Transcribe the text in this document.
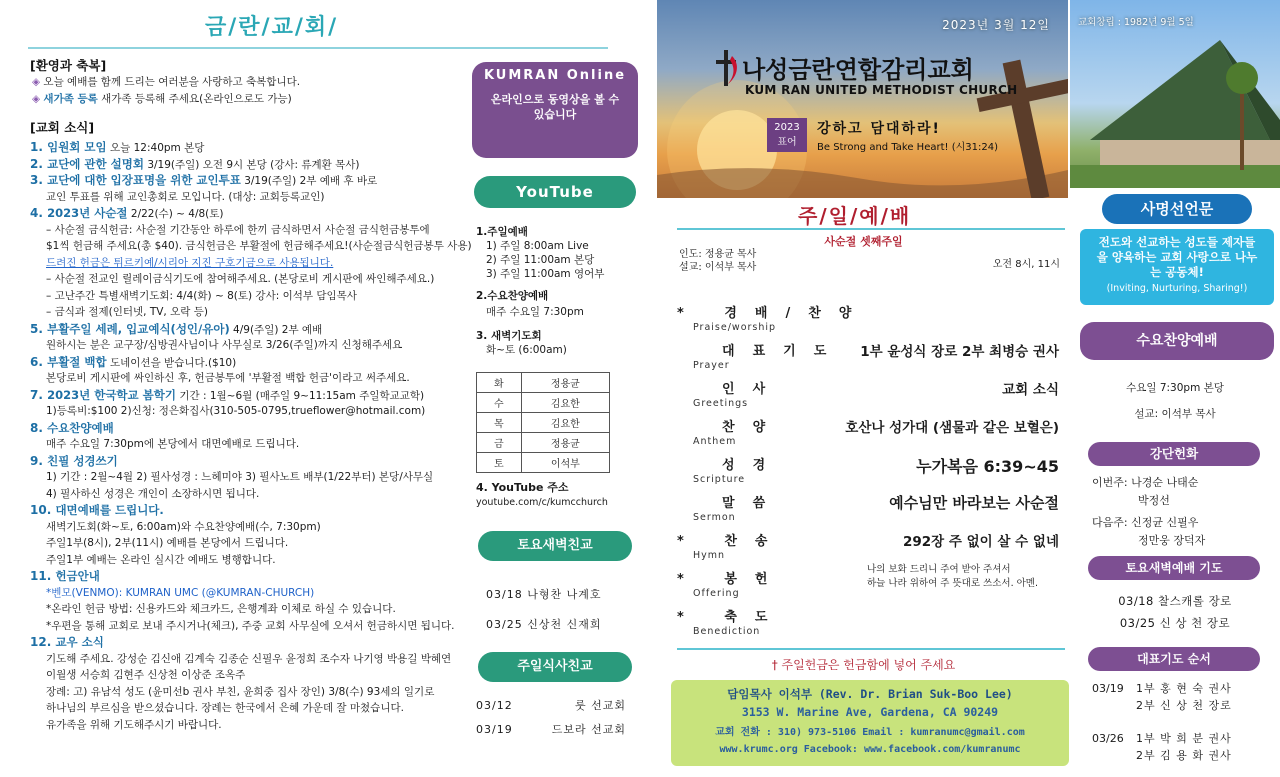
금/란/교/회/
[환영과 축복]
◈ 오늘 예배를 함께 드리는 여러분을 사랑하고 축복합니다.
◈ 새가족 등록 새가족 등록해 주세요(온라인으로도 가능)
[교회 소식]
1. 임원회 모임 오늘 12:40pm 본당
2. 교단에 관한 설명회 3/19(주일) 오전 9시 본당 (강사: 류계환 목사)
3. 교단에 대한 입장표명을 위한 교인투표 3/19(주일) 2부 예배 후 바로
교인 투표를 위해 교인총회로 모입니다. (대상: 교회등록교인)
4. 2023년 사순절 2/22(수) ~ 4/8(토)
– 사순절 금식헌금: 사순절 기간동안 하루에 한끼 금식하면서 사순절 금식헌금봉투에
$1씩 헌금해 주세요(총 $40). 금식헌금은 부활절에 헌금해주세요!(사순절금식헌금봉투 사용)
드려진 헌금은 튀르키예/시리아 지진 구호기금으로 사용됩니다.
– 사순절 전교인 릴레이금식기도에 참여해주세요. (본당로비 게시판에 싸인해주세요.)
– 고난주간 특별새벽기도회: 4/4(화) ~ 8(토) 강사: 이석부 담임목사
– 금식과 절제(인터넷, TV, 오락 등)
5. 부활주일 세례, 입교예식(성인/유아) 4/9(주일) 2부 예배
원하시는 분은 교구장/심방권사님이나 사무실로 3/26(주일)까지 신청해주세요
6. 부활절 백합 도네이션을 받습니다.($10)
본당로비 게시판에 싸인하신 후, 헌금봉투에 '부활절 백합 헌금'이라고 써주세요.
7. 2023년 한국학교 봄학기 기간 : 1월~6월 (매주일 9~11:15am 주일학교교학)
1)등록비:$100 2)신청: 정은화집사(310-505-0795,trueflower@hotmail.com)
8. 수요찬양예배
매주 수요일 7:30pm에 본당에서 대면예배로 드립니다.
9. 친필 성경쓰기
1) 기간 : 2월~4월 2) 필사성경 : 느헤미야 3) 필사노트 배부(1/22부터) 본당/사무실
4) 필사하신 성경은 개인이 소장하시면 됩니다.
10. 대면예배를 드립니다.
새벽기도회(화~토, 6:00am)와 수요찬양예배(수, 7:30pm)
주일1부(8시), 2부(11시) 예배를 본당에서 드립니다.
주일1부 예배는 온라인 실시간 예배도 병행합니다.
11. 헌금안내
*벤모(VENMO): KUMRAN UMC (@KUMRAN-CHURCH)
*온라인 헌금 방법: 신용카드와 체크카드, 은행계좌 이체로 하실 수 있습니다.
*우편을 통해 교회로 보내 주시거나(체크), 주중 교회 사무실에 오셔서 헌금하시면 됩니다.
12. 교우 소식
기도해 주세요. 강성순 김신애 김계숙 김종순 신필우 윤정희 조수자 나기영 박용길 박혜연
이월생 서승희 김현주 신상천 이상준 조옥주
장례: 고) 유남석 성도 (윤미선b 권사 부친, 윤희중 집사 장인) 3/8(수) 93세의 일기로
하나님의 부르심을 받으셨습니다. 장례는 한국에서 은혜 가운데 잘 마쳤습니다.
유가족을 위해 기도해주시기 바랍니다.
KUMRAN Online
온라인으로 동영상을 볼 수 있습니다
YouTube
1.주일예배
1) 주일 8:00am Live
2) 주일 11:00am 본당
3) 주일 11:00am 영어부
2.수요찬양예배
매주 수요일 7:30pm
3. 새벽기도회
화~토 (6:00am)
화	정용균
수	김요한
목	김요한
금	정용균
토	이석부
4. YouTube 주소
youtube.com/c/kumcchurch
토요새벽친교
03/18 나형찬 나계호
03/25 신상천 신재희
주일식사친교
03/12	룻 선교회
03/19	드보라 선교회
2023년 3월 12일
나성금란연합감리교회
KUM RAN UNITED METHODIST CHURCH
2023
표어
강하고 담대하라!
Be Strong and Take Heart! (시31:24)
주/일/예/배
사순절 셋째주일
인도: 정용균 목사
설교: 이석부 목사	오전 8시, 11시
* 경배/찬양
Praise/worship
대표기도
Prayer
1부 윤성식 장로 2부 최병승 권사
인사
Greetings
교회 소식
찬양
Anthem
호산나 성가대 (샘물과 같은 보혈은)
성경
Scripture
누가복음 6:39~45
말씀
Sermon
예수님만 바라보는 사순절
* 찬송
Hymn
292장 주 없이 살 수 없네
* 봉헌
Offering
* 축도
Benediction
나의 보화 드리니 주여 받아 주셔서
하늘 나라 위하여 주 뜻대로 쓰소서. 아멘.
† 주일헌금은 헌금함에 넣어 주세요
담임목사 이석부 (Rev. Dr. Brian Suk-Boo Lee)
3153 W. Marine Ave, Gardena, CA 90249
교회 전화 : 310) 973-5106 Email : kumranumc@gmail.com
www.krumc.org Facebook: www.facebook.com/kumranumc
교회창립 : 1982년 9월 5일
사명선언문
전도와 선교하는 성도들 제자들을 양육하는 교회 사랑으로 나누는 공동체!
(Inviting, Nurturing, Sharing!)
수요찬양예배
수요일 7:30pm 본당
설교: 이석부 목사
강단헌화
이번주: 나경순 나태순
박정선
다음주: 신정균 신필우
정만웅 장덕자
토요새벽예배 기도
03/18 찰스캐롤 장로
03/25 신 상 천 장로
대표기도 순서
03/19	1부 홍 현 숙 권사
2부 신 상 천 장로
03/26	1부 박 희 분 권사
2부 김 용 화 권사
